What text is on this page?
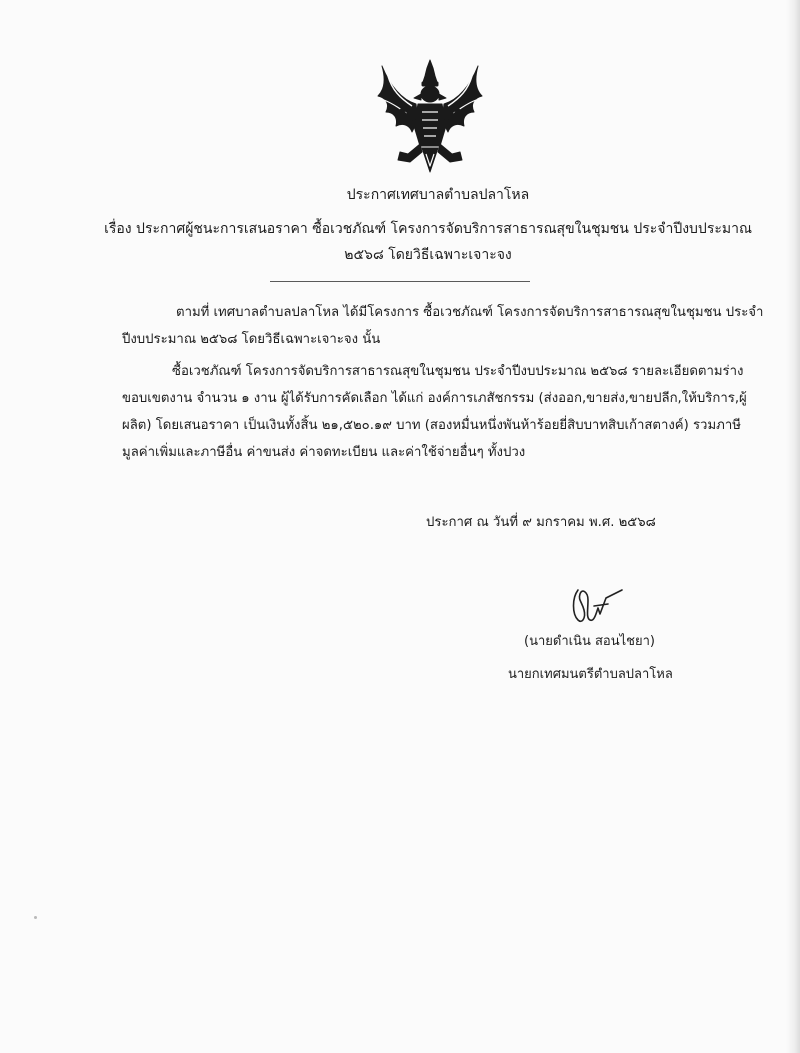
ประกาศเทศบาลตำบลปลาโหล
เรื่อง ประกาศผู้ชนะการเสนอราคา ซื้อเวชภัณฑ์ โครงการจัดบริการสาธารณสุขในชุมชน ประจำปีงบประมาณ
๒๕๖๘ โดยวิธีเฉพาะเจาะจง
ตามที่ เทศบาลตำบลปลาโหล ได้มีโครงการ ซื้อเวชภัณฑ์ โครงการจัดบริการสาธารณสุขในชุมชน ประจำ
ปีงบประมาณ ๒๕๖๘ โดยวิธีเฉพาะเจาะจง นั้น
ซื้อเวชภัณฑ์ โครงการจัดบริการสาธารณสุขในชุมชน ประจำปีงบประมาณ ๒๕๖๘ รายละเอียดตามร่าง
ขอบเขตงาน จำนวน ๑ งาน ผู้ได้รับการคัดเลือก ได้แก่ องค์การเภสัชกรรม (ส่งออก,ขายส่ง,ขายปลีก,ให้บริการ,ผู้
ผลิต) โดยเสนอราคา เป็นเงินทั้งสิ้น ๒๑,๕๒๐.๑๙ บาท (สองหมื่นหนึ่งพันห้าร้อยยี่สิบบาทสิบเก้าสตางค์) รวมภาษี
มูลค่าเพิ่มและภาษีอื่น ค่าขนส่ง ค่าจดทะเบียน และค่าใช้จ่ายอื่นๆ ทั้งปวง
ประกาศ ณ วันที่ ๙ มกราคม พ.ศ. ๒๕๖๘
(นายดำเนิน สอนไชยา)
นายกเทศมนตรีตำบลปลาโหล
